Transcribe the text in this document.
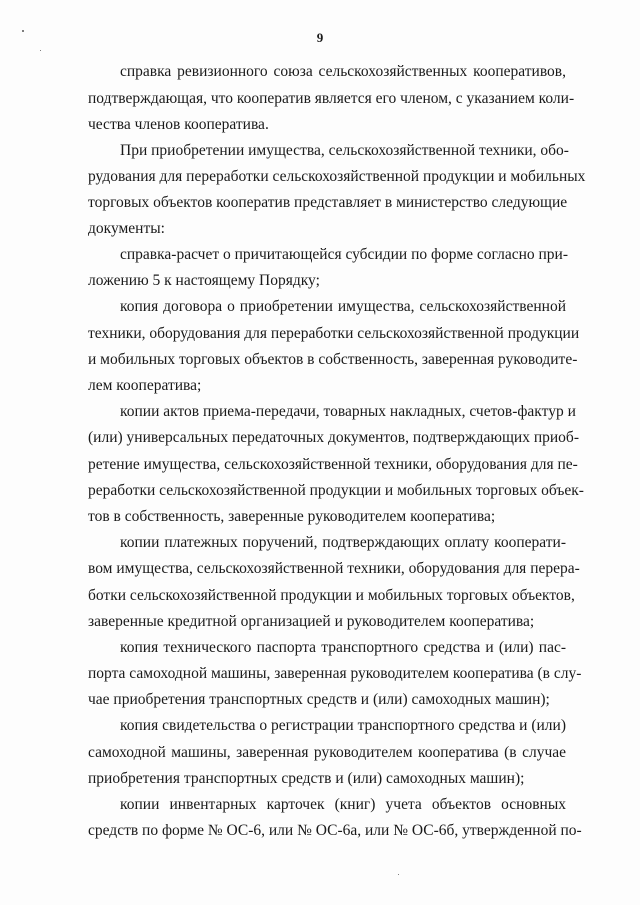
9
справка ревизионного союза сельскохозяйственных кооперативов,
подтверждающая, что кооператив является его членом, с указанием коли-
чества членов кооператива.
При приобретении имущества, сельскохозяйственной техники, обо-
рудования для переработки сельскохозяйственной продукции и мобильных
торговых объектов кооператив представляет в министерство следующие
документы:
справка-расчет о причитающейся субсидии по форме согласно при-
ложению 5 к настоящему Порядку;
копия договора о приобретении имущества, сельскохозяйственной
техники, оборудования для переработки сельскохозяйственной продукции
и мобильных торговых объектов в собственность, заверенная руководите-
лем кооператива;
копии актов приема-передачи, товарных накладных, счетов-фактур и
(или) универсальных передаточных документов, подтверждающих приоб-
ретение имущества, сельскохозяйственной техники, оборудования для пе-
реработки сельскохозяйственной продукции и мобильных торговых объек-
тов в собственность, заверенные руководителем кооператива;
копии платежных поручений, подтверждающих оплату кооперати-
вом имущества, сельскохозяйственной техники, оборудования для перера-
ботки сельскохозяйственной продукции и мобильных торговых объектов,
заверенные кредитной организацией и руководителем кооператива;
копия технического паспорта транспортного средства и (или) пас-
порта самоходной машины, заверенная руководителем кооператива (в слу-
чае приобретения транспортных средств и (или) самоходных машин);
копия свидетельства о регистрации транспортного средства и (или)
самоходной машины, заверенная руководителем кооператива (в случае
приобретения транспортных средств и (или) самоходных машин);
копии инвентарных карточек (книг) учета объектов основных
средств по форме № ОС-6, или № ОС-6а, или № ОС-6б, утвержденной по-
